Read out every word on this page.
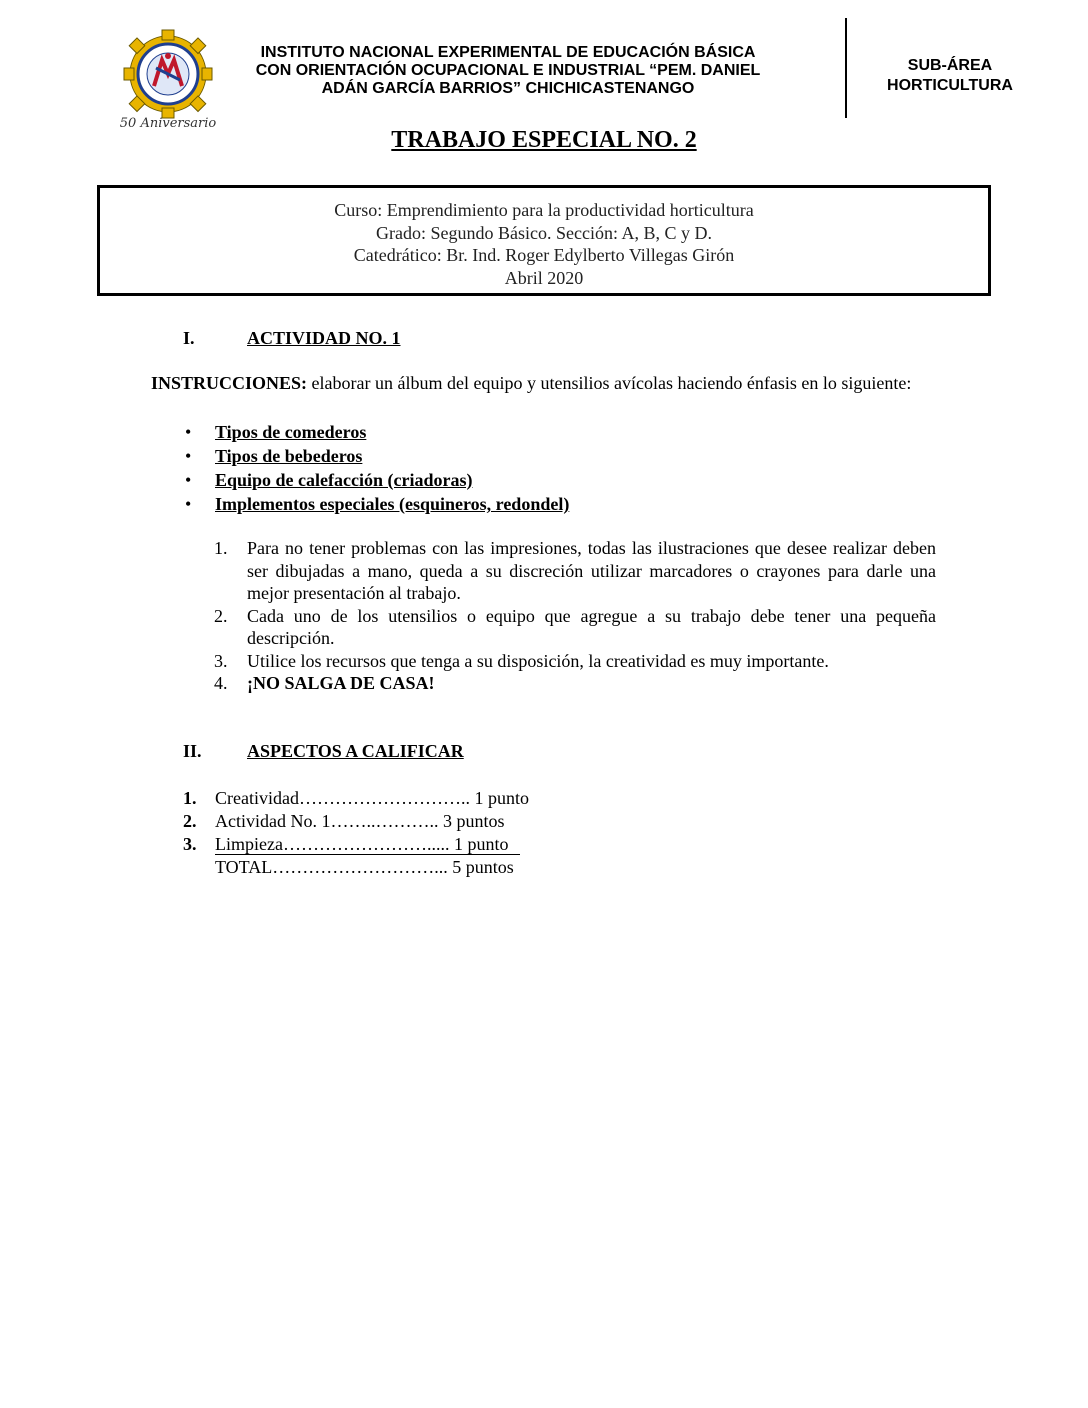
50 Aniversario
INSTITUTO NACIONAL EXPERIMENTAL DE EDUCACIÓN BÁSICA
CON ORIENTACIÓN OCUPACIONAL E INDUSTRIAL “PEM. DANIEL
ADÁN GARCÍA BARRIOS” CHICHICASTENANGO
SUB-ÁREA
HORTICULTURA
TRABAJO ESPECIAL NO. 2
Curso: Emprendimiento para la productividad horticultura
Grado: Segundo Básico. Sección: A, B, C y D.
Catedrático: Br. Ind. Roger Edylberto Villegas Girón
Abril 2020
I.	ACTIVIDAD NO. 1
INSTRUCCIONES: elaborar un álbum del equipo y utensilios avícolas haciendo énfasis en lo siguiente:
• Tipos de comederos
• Tipos de bebederos
• Equipo de calefacción (criadoras)
• Implementos especiales (esquineros, redondel)
1. Para no tener problemas con las impresiones, todas las ilustraciones que desee realizar deben ser dibujadas a mano, queda a su discreción utilizar marcadores o crayones para darle una mejor presentación al trabajo.
2. Cada uno de los utensilios o equipo que agregue a su trabajo debe tener una pequeña descripción.
3. Utilice los recursos que tenga a su disposición, la creatividad es muy importante.
4. ¡NO SALGA DE CASA!
II.	ASPECTOS A CALIFICAR
1. Creatividad……………………….. 1 punto
2. Actividad No. 1……..……….. 3 puntos
3. Limpieza……………………..... 1 punto
TOTAL………………………... 5 puntos
